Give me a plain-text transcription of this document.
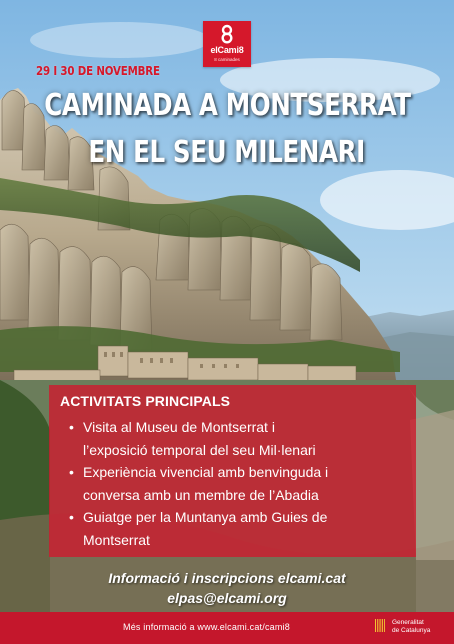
elCami8
8 caminades
29 I 30 DE NOVEMBRE
CAMINADA A MONTSERRAT
EN EL SEU MILENARI
ACTIVITATS PRINCIPALS
• Visita al Museu de Montserrat i
l’exposició temporal del seu Mil·lenari
• Experiència vivencial amb benvinguda i
conversa amb un membre de l’Abadia
• Guiatge per la Muntanya amb Guies de
Montserrat
Informació i inscripcions elcami.cat
elpas@elcami.org
Més informació a www.elcami.cat/cami8	Generalitat
de Catalunya
